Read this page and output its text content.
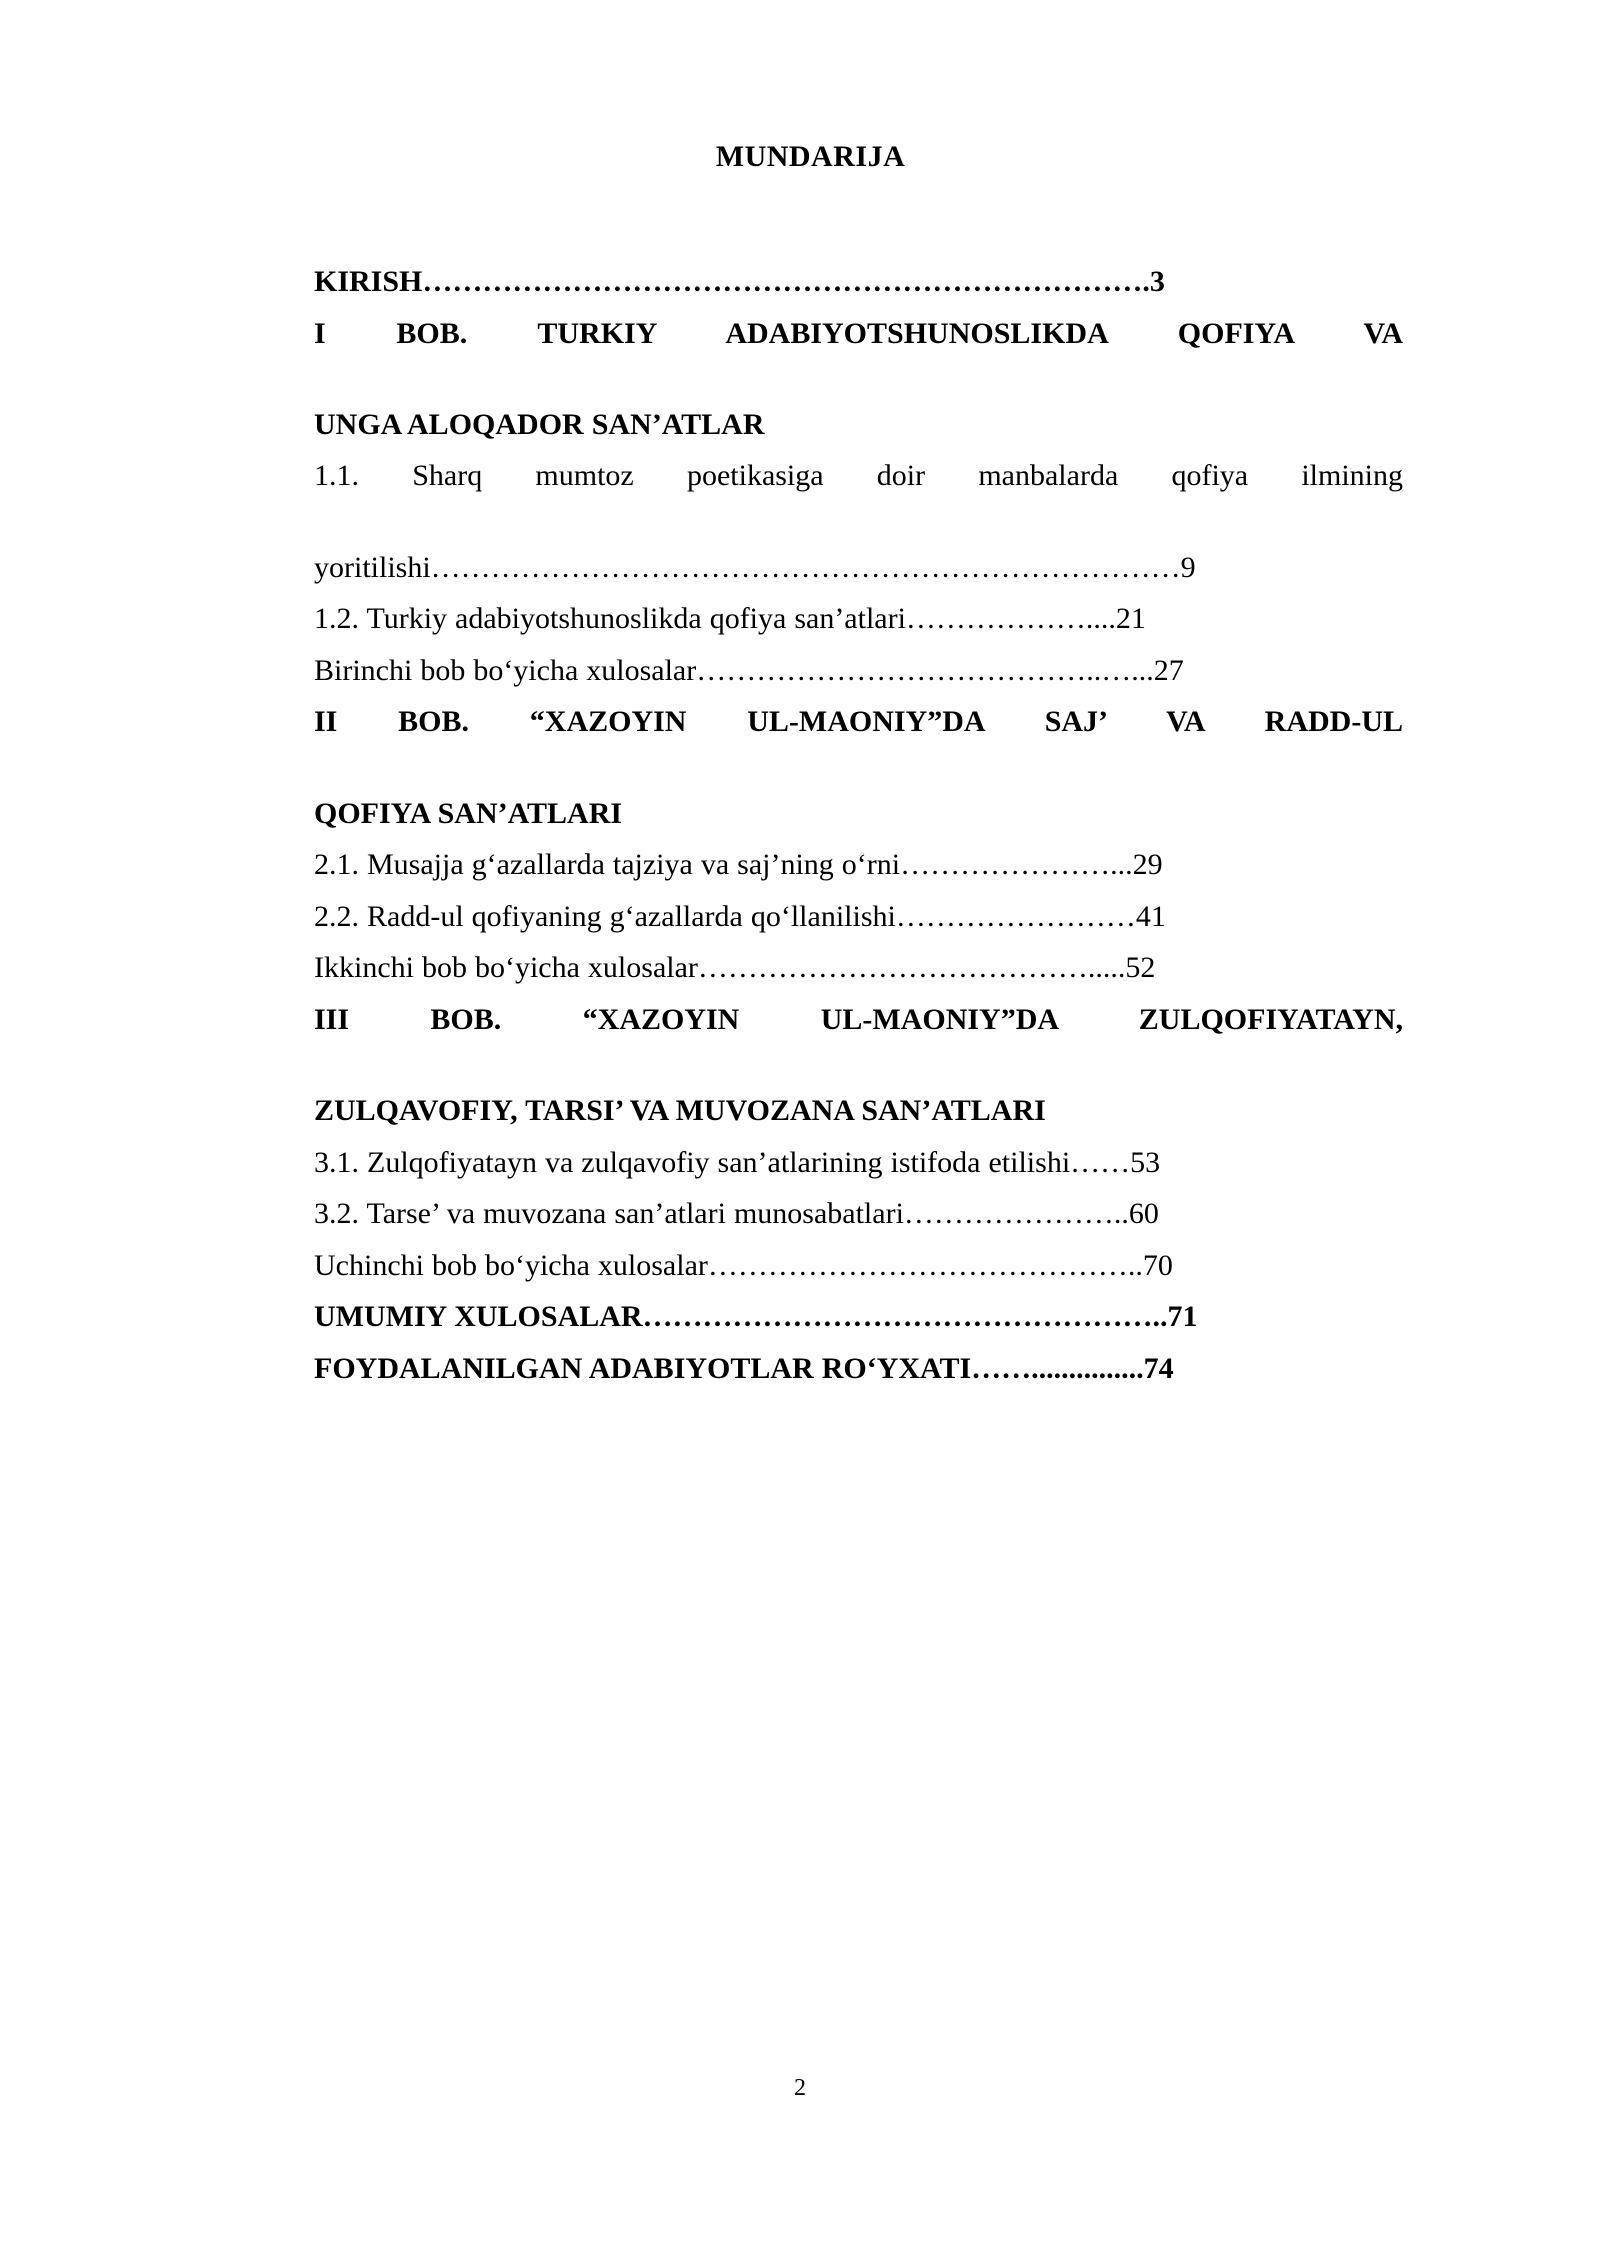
MUNDARIJA
KIRISH……………………………………………………………….3
I BOB. TURKIY ADABIYOTSHUNOSLIKDA QOFIYA VA
UNGA ALOQADOR SAN’ATLAR
1.1. Sharq mumtoz poetikasiga doir manbalarda qofiya ilmining
yoritilishi…………………………………………………………………9
1.2. Turkiy adabiyotshunoslikda qofiya san’atlari………………....21
Birinchi bob bo‘yicha xulosalar…………………………………..…...27
II BOB. “XAZOYIN UL-MAONIY”DA SAJ’ VA RADD-UL
QOFIYA SAN’ATLARI
2.1. Musajja g‘azallarda tajziya va saj’ning o‘rni…………………...29
2.2. Radd-ul qofiyaning g‘azallarda qo‘llanilishi……………………41
Ikkinchi bob bo‘yicha xulosalar………………………………….....52
III BOB. “XAZOYIN UL-MAONIY”DA ZULQOFIYATAYN,
ZULQAVOFIY, TARSI’ VA MUVOZANA SAN’ATLARI
3.1. Zulqofiyatayn va zulqavofiy san’atlarining istifoda etilishi……53
3.2. Tarse’ va muvozana san’atlari munosabatlari…………………..60
Uchinchi bob bo‘yicha xulosalar……………………………………..70
UMUMIY XULOSALAR……………………………………………..71
FOYDALANILGAN ADABIYOTLAR RO‘YXATI……...............74
2
